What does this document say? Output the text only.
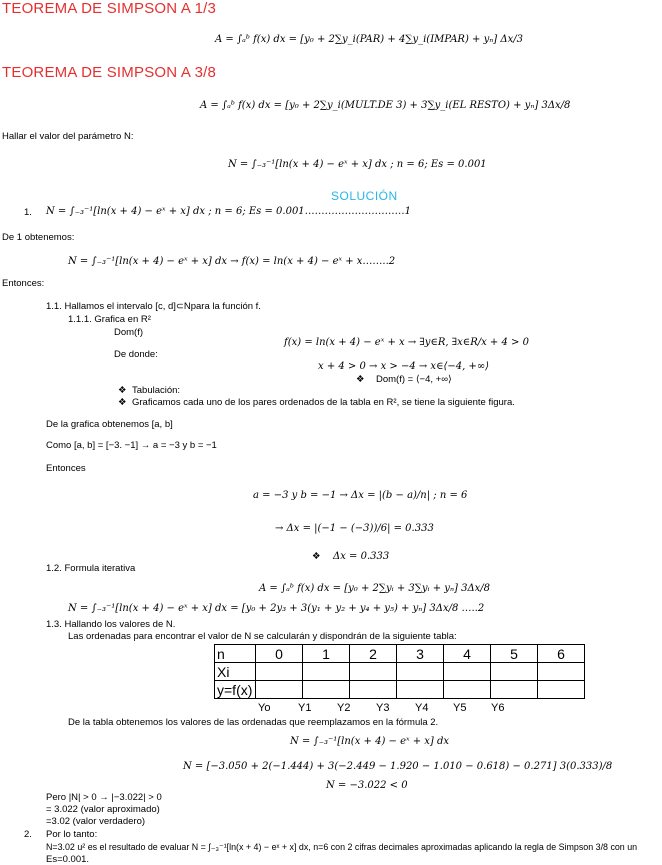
TEOREMA DE SIMPSON A 1/3
A = ∫ₐᵇ f(x) dx = [y₀ + 2∑y_i(PAR) + 4∑y_i(IMPAR) + yₙ] Δx/3
TEOREMA DE SIMPSON A 3/8
A = ∫ₐᵇ f(x) dx = [y₀ + 2∑y_i(MULT.DE 3) + 3∑y_i(EL RESTO) + yₙ] 3Δx/8
Hallar el valor del parámetro N:
N = ∫₋₃⁻¹[ln(x + 4) − eˣ + x] dx ; n = 6; Es = 0.001
SOLUCIÓN
1. N = ∫₋₃⁻¹[ln(x + 4) − eˣ + x] dx ; n = 6; Es = 0.001…………………………1
De 1 obtenemos:
N = ∫₋₃⁻¹[ln(x + 4) − eˣ + x] dx → f(x) = ln(x + 4) − eˣ + x……..2
Entonces:
1.1. Hallamos el intervalo [c, d]⊂Npara la función f.
1.1.1. Grafica en R²
Dom(f)
f(x) = ln(x + 4) − eˣ + x → ∃y∈R, ∃x∈R/x + 4 > 0
De donde:
x + 4 > 0 → x > −4 → x∈⟨−4, +∞⟩
❖ Dom(f) = ⟨−4, +∞⟩
❖ Tabulación:
❖ Graficamos cada uno de los pares ordenados de la tabla en R², se tiene la siguiente figura.
De la grafica obtenemos [a, b]
Como [a, b] = [−3. −1] → a = −3 y b = −1
Entonces
a = −3 y b = −1 → Δx = |(b − a)/n| ; n = 6
→ Δx = |(−1 − (−3))/6| = 0.333
❖ Δx = 0.333
1.2. Formula iterativa
A = ∫ₐᵇ f(x) dx = [y₀ + 2∑yᵢ + 3∑yᵢ + yₙ] 3Δx/8
N = ∫₋₃⁻¹[ln(x + 4) − eˣ + x] dx = [y₀ + 2y₃ + 3(y₁ + y₂ + y₄ + y₅) + yₙ] 3Δx/8 …..2
1.3. Hallando los valores de N.
Las ordenadas para encontrar el valor de N se calcularán y dispondrán de la siguiente tabla:
n	0	1	2	3	4	5	6
Xi							
y=f(x)							
Yo	Y1 Y2 Y3 Y4 Y5 Y6
De la tabla obtenemos los valores de las ordenadas que reemplazamos en la fórmula 2.
N = ∫₋₃⁻¹[ln(x + 4) − eˣ + x] dx
N = [−3.050 + 2(−1.444) + 3(−2.449 − 1.920 − 1.010 − 0.618) − 0.271] 3(0.333)/8
N = −3.022 < 0
Pero |N| > 0 → |−3.022| > 0
= 3.022 (valor aproximado)
=3.02 (valor verdadero)
2. Por lo tanto:
N=3.02 u² es el resultado de evaluar N = ∫₋₃⁻¹[ln(x + 4) − eˣ + x] dx, n=6 con 2 cifras decimales aproximadas aplicando la regla de Simpson 3/8 con un
Es=0.001.
